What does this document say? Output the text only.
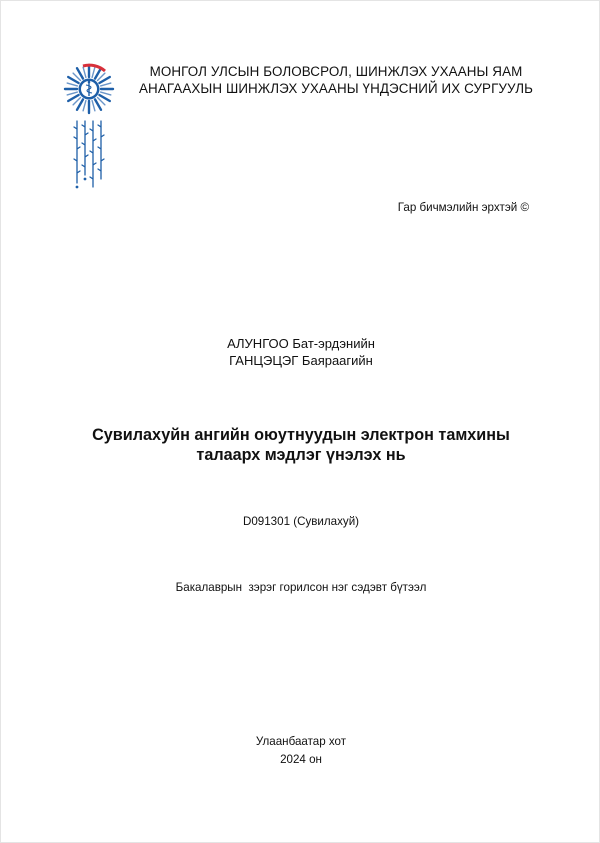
МОНГОЛ УЛСЫН БОЛОВСРОЛ, ШИНЖЛЭХ УХААНЫ ЯАМ
АНАГААХЫН ШИНЖЛЭХ УХААНЫ ҮНДЭСНИЙ ИХ СУРГУУЛЬ
Гар бичмэлийн эрхтэй ©
АЛУНГОО Бат-эрдэнийн
ГАНЦЭЦЭГ Баяраагийн
Сувилахуйн ангийн оюутнуудын электрон тамхины
талаарх мэдлэг үнэлэх нь
D091301 (Сувилахуй)
Бакалаврын  зэрэг горилсон нэг сэдэвт бүтээл
Улаанбаатар хот
2024 он
